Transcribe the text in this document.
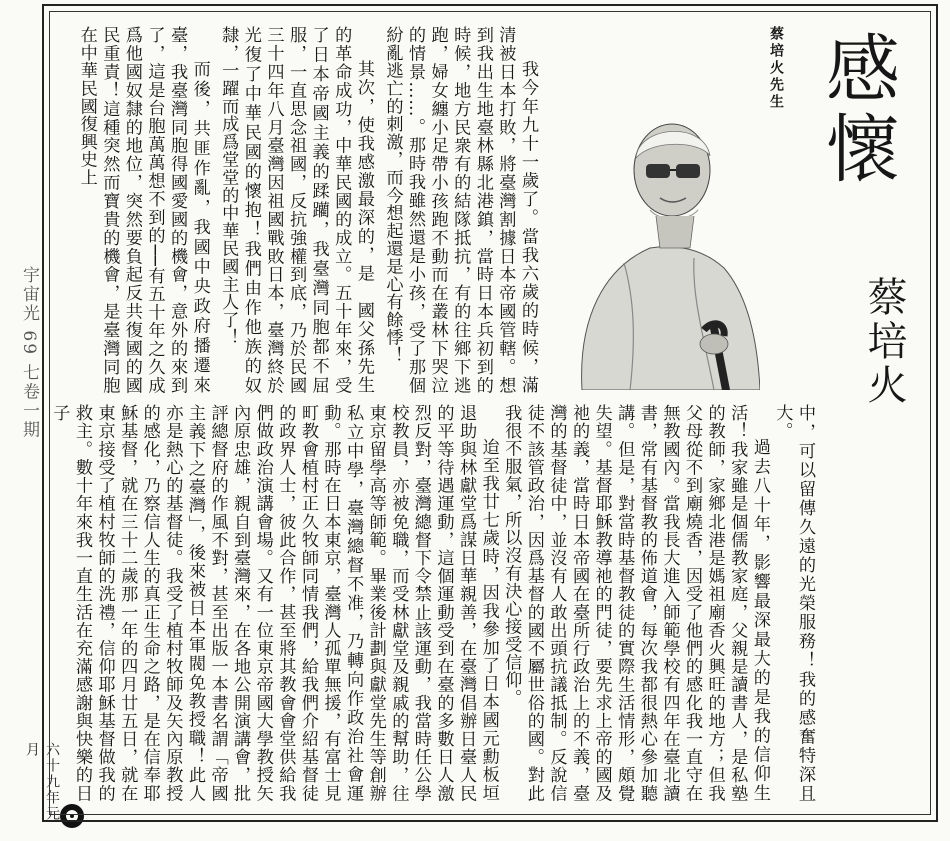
宇宙光 69 七卷一期
六十九年元月
感懷
蔡培火
蔡培火先生

我今年九十一歲了。當我六歲的時候，滿清被日本打敗，將臺灣割據日本帝國管轄。想到我出生地臺林縣北港鎮，當時日本兵初到的時候，地方民衆有的結隊抵抗，有的往鄉下逃跑，婦女纏小足帶小孩跑不動而在叢林下哭泣的情景……。那時我雖然還是小孩，受了那個紛亂逃亡的刺激，而今想起還是心有餘悸！

其次，使我感激最深的，是　國父孫先生的革命成功，中華民國的成立。五十年來，受了日本帝國主義的蹂躪，我臺灣同胞都不屈服，一直思念祖國，反抗強權到底，乃於民國三十四年八月臺灣因祖國戰敗日本，臺灣終於光復了中華民國的懷抱！我們由作他族的奴隸，一躍而成爲堂堂的中華民國主人了！

而後，共匪作亂，我國中央政府播遷來臺，我臺灣同胞得國愛國的機會，意外的來到了，這是台胞萬萬想不到的──有五十年之久成爲他國奴隸的地位，突然要負起反共復國的國民重責！這種突然而寶貴的機會，是臺灣同胞在中華民國復興史上

中，可以留傳久遠的光榮服務！我的感奮特深且大。

過去八十年，影響最深最大的是我的信仰生活！我家雖是個儒教家庭，父親是讀書人，是私塾的教師，家鄉北港是媽祖廟香火興旺的地方；但我父母從不到廟燒香，因受了他們的感化我一直守在無教國內。當我長大進入師範學校有四年在臺北讀書，常有基督教的佈道會，每次我都很熱心參加聽講。但是，對當時基督教徒的實際生活情形，頗覺失望。基督耶穌教導祂的門徒，要先求上帝的國及祂的義，當時日本帝國在臺所行政治上的不義，臺灣的基督徒中，並沒有人敢出頭抗議抵制。反說信徒不該管政治，因爲基督的國不屬世俗的國。對此我很不服氣，所以沒有決心接受信仰。

迨至我廿七歲時，因我參加了日本國元勳板垣退助與林獻堂爲謀日華親善，在臺灣倡辦日臺人民的平等待遇運動，這個運動受到在臺的多數日人激烈反對，臺灣總督下令禁止該運動，我當時任公學校教員，亦被免職，而受林獻堂及親戚的幫助，往東京留學高等師範。畢業後計劃與獻堂先生等創辦私立中學，臺灣總督不准，乃轉向作政治社會運動。那時在日本東京，臺灣人孤單無援，有富士見町教會植村正久牧師同情我們，給我們介紹基督徒的政界人士，彼此合作，甚至將其教會會堂供給我們做政治演講會場。又有一位東京帝國大學教授矢內原忠雄，親自到臺灣來，在各地公開演講會，批評總督府的作風不對，甚至出版一本書名謂「帝國主義下之臺灣」，後來被日本軍閥免教授職！此人亦是熱心的基督徒。我受了植村牧師及矢內原教授的感化，乃察信人生的真正生命之路，是在信奉耶穌基督，就在三十二歲那一年的四月廿五日，就在東京接受了植村牧師的洗禮，信仰耶穌基督做我的救主。數十年來我一直生活在充滿感謝與快樂的日子
